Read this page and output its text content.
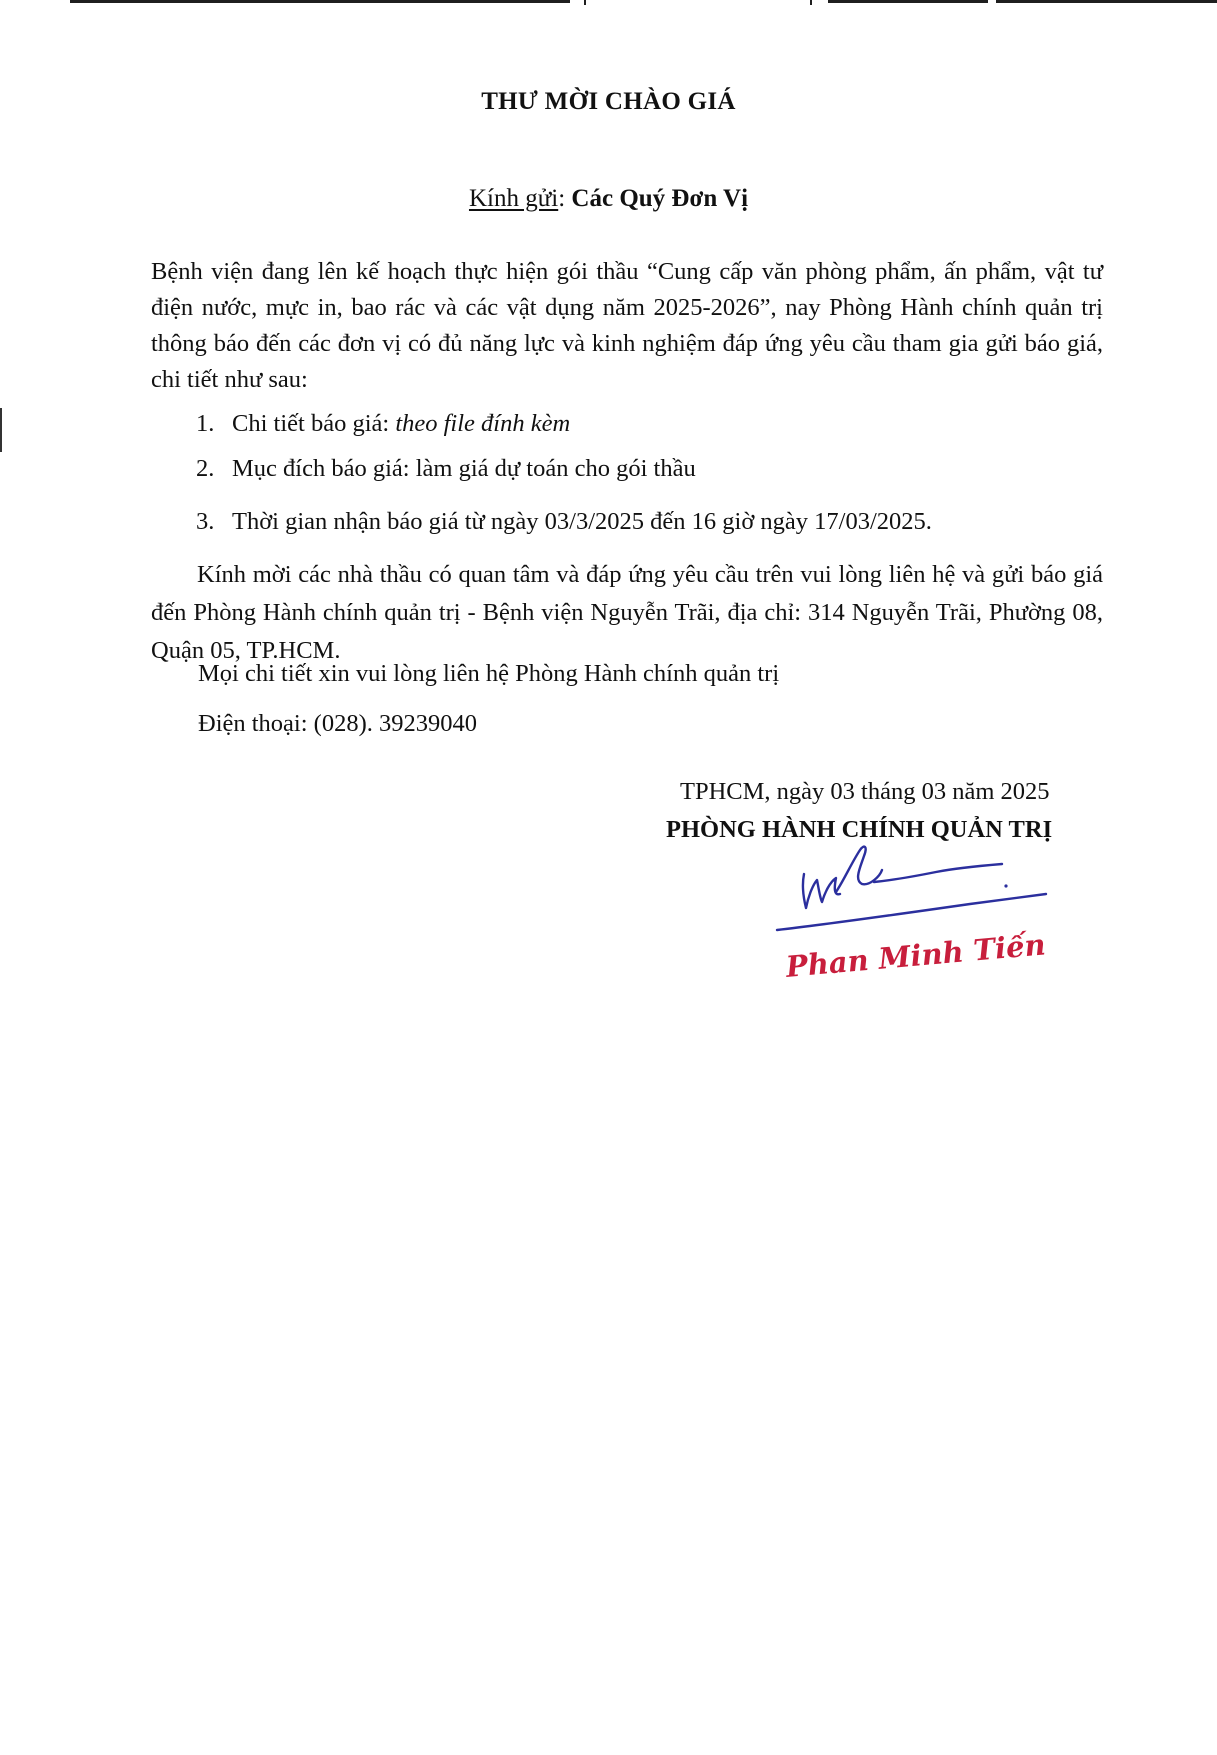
THƯ MỜI CHÀO GIÁ
Kính gửi: Các Quý Đơn Vị
Bệnh viện đang lên kế hoạch thực hiện gói thầu “Cung cấp văn phòng phẩm, ấn phẩm, vật tư điện nước, mực in, bao rác và các vật dụng năm 2025-2026”, nay Phòng Hành chính quản trị thông báo đến các đơn vị có đủ năng lực và kinh nghiệm đáp ứng yêu cầu tham gia gửi báo giá, chi tiết như sau:
1. Chi tiết báo giá: theo file đính kèm
2. Mục đích báo giá: làm giá dự toán cho gói thầu
3. Thời gian nhận báo giá từ ngày 03/3/2025 đến 16 giờ ngày 17/03/2025.
Kính mời các nhà thầu có quan tâm và đáp ứng yêu cầu trên vui lòng liên hệ và gửi báo giá đến Phòng Hành chính quản trị - Bệnh viện Nguyễn Trãi, địa chỉ: 314 Nguyễn Trãi, Phường 08, Quận 05, TP.HCM.
Mọi chi tiết xin vui lòng liên hệ Phòng Hành chính quản trị
Điện thoại: (028). 39239040
TPHCM, ngày 03 tháng 03 năm 2025
PHÒNG HÀNH CHÍNH QUẢN TRỊ
Phan Minh Tiến
